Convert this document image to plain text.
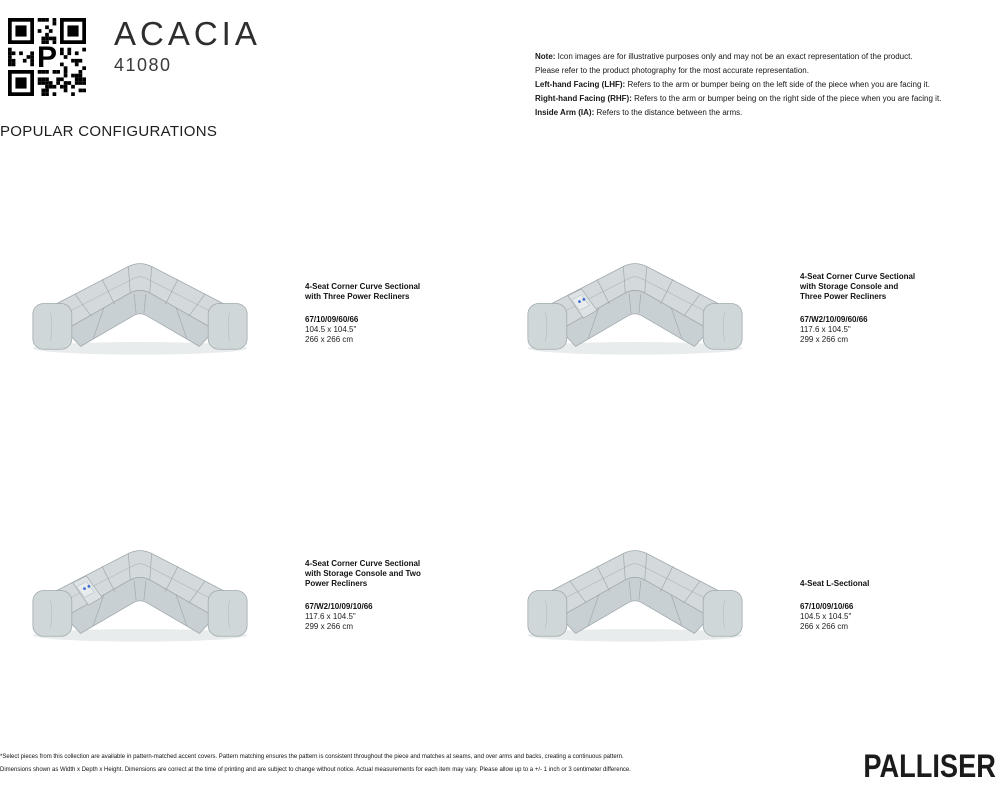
P
ACACIA
41080	Note: Icon images are for illustrative purposes only and may not be an exact representation of the product.

Please refer to the product photography for the most accurate representation.

Left-hand Facing (LHF): Refers to the arm or bumper being on the left side of the piece when you are facing it.

Right-hand Facing (RHF): Refers to the arm or bumper being on the right side of the piece when you are facing it.

Inside Arm (IA): Refers to the distance between the arms.

POPULAR CONFIGURATIONS

4-Seat Corner Curve Sectional with Three Power Recliners

67/10/09/60/66

104.5 x 104.5"

266 x 266 cm

4-Seat Corner Curve Sectional with Storage Console and Three Power Recliners

67/W2/10/09/60/66

117.6 x 104.5"

299 x 266 cm

4-Seat Corner Curve Sectional with Storage Console and Two Power Recliners

67/W2/10/09/10/66

117.6 x 104.5"

299 x 266 cm

4-Seat L-Sectional

67/10/09/10/66

104.5 x 104.5"

266 x 266 cm

*Select pieces from this collection are available in pattern-matched accent covers. Pattern matching ensures the pattern is consistent throughout the piece and matches at seams, and over arms and backs, creating a continuous pattern.

Dimensions shown as Width x Depth x Height. Dimensions are correct at the time of printing and are subject to change without notice. Actual measurements for each item may vary. Please allow up to a +/- 1 inch or 3 centimeter difference.	PALLISER
